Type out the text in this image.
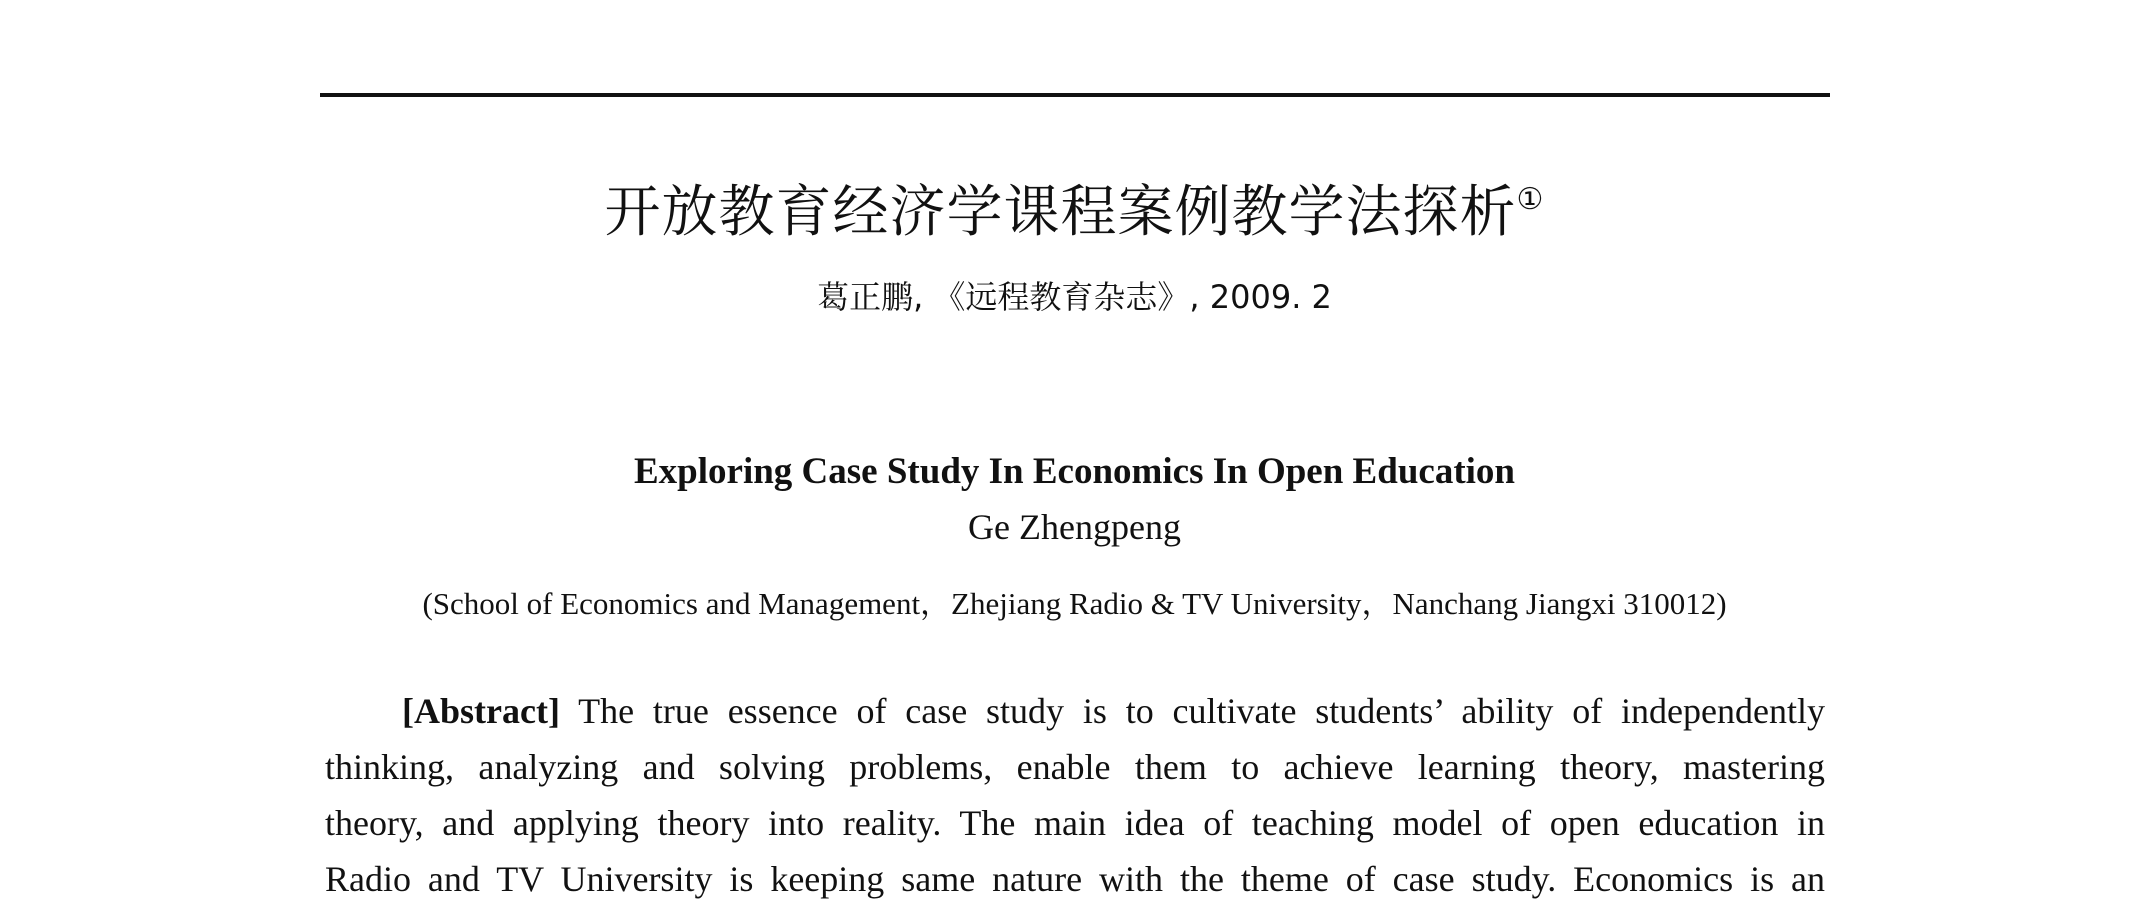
开放教育经济学课程案例教学法探析①
葛正鹏, 《远程教育杂志》, 2009. 2
Exploring Case Study In Economics In Open Education
Ge Zhengpeng
(School of Economics and Management，Zhejiang Radio & TV University，Nanchang Jiangxi 310012)
[Abstract] The true essence of case study is to cultivate students’ ability of independently
thinking, analyzing and solving problems, enable them to achieve learning theory, mastering
theory, and applying theory into reality. The main idea of teaching model of open education in
Radio and TV University is keeping same nature with the theme of case study. Economics is an
